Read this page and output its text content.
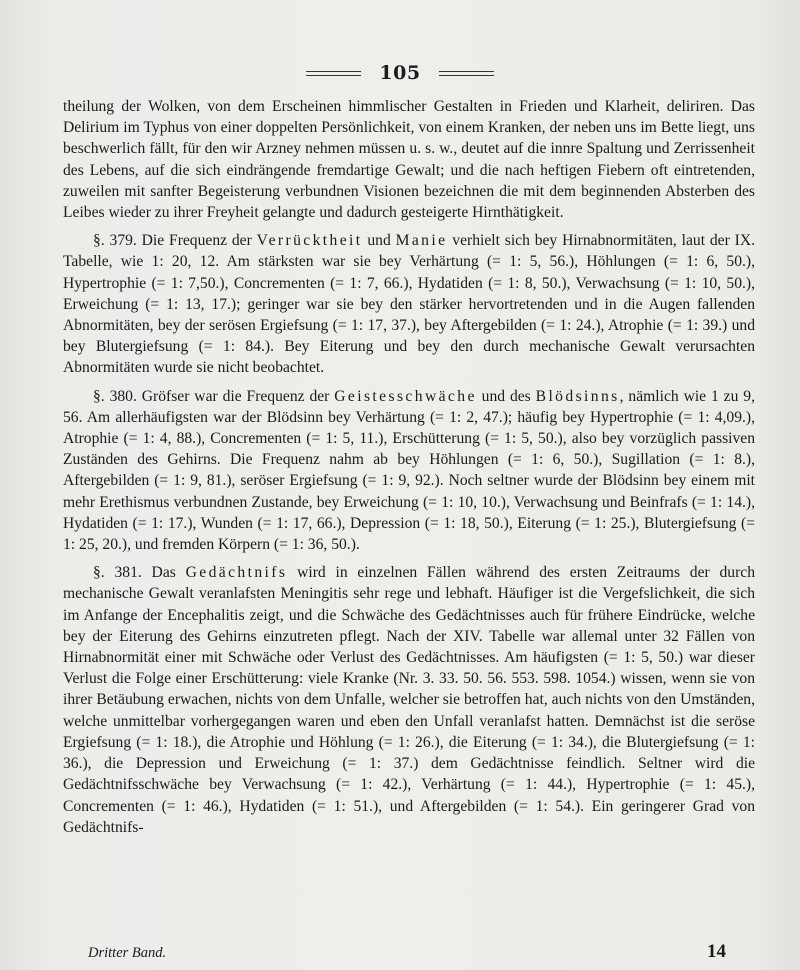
105

theilung der Wolken, von dem Erscheinen himmlischer Gestalten in Frieden und Klarheit, deliriren. Das Delirium im Typhus von einer doppelten Persönlichkeit, von einem Kranken, der neben uns im Bette liegt, uns beschwerlich fällt, für den wir Arzney nehmen müssen u. s. w., deutet auf die innre Spaltung und Zerrissenheit des Lebens, auf die sich eindrängende fremdartige Gewalt; und die nach heftigen Fiebern oft eintretenden, zuweilen mit sanfter Begeisterung verbundnen Visionen bezeichnen die mit dem beginnenden Absterben des Leibes wieder zu ihrer Freyheit gelangte und dadurch gesteigerte Hirnthätigkeit.

§. 379. Die Frequenz der Verrücktheit und Manie verhielt sich bey Hirnabnormitäten, laut der IX. Tabelle, wie 1: 20, 12. Am stärksten war sie bey Verhärtung (= 1: 5, 56.), Höhlungen (= 1: 6, 50.), Hypertrophie (= 1: 7,50.), Concrementen (= 1: 7, 66.), Hydatiden (= 1: 8, 50.), Verwachsung (= 1: 10, 50.), Erweichung (= 1: 13, 17.); geringer war sie bey den stärker hervortretenden und in die Augen fallenden Abnormitäten, bey der serösen Ergiefsung (= 1: 17, 37.), bey Aftergebilden (= 1: 24.), Atrophie (= 1: 39.) und bey Blutergiefsung (= 1: 84.). Bey Eiterung und bey den durch mechanische Gewalt verursachten Abnormitäten wurde sie nicht beobachtet.

§. 380. Gröfser war die Frequenz der Geistesschwäche und des Blödsinns, nämlich wie 1 zu 9, 56. Am allerhäufigsten war der Blödsinn bey Verhärtung (= 1: 2, 47.); häufig bey Hypertrophie (= 1: 4,09.), Atrophie (= 1: 4, 88.), Concrementen (= 1: 5, 11.), Erschütterung (= 1: 5, 50.), also bey vorzüglich passiven Zuständen des Gehirns. Die Frequenz nahm ab bey Höhlungen (= 1: 6, 50.), Sugillation (= 1: 8.), Aftergebilden (= 1: 9, 81.), seröser Ergiefsung (= 1: 9, 92.). Noch seltner wurde der Blödsinn bey einem mit mehr Erethismus verbundnen Zustande, bey Erweichung (= 1: 10, 10.), Verwachsung und Beinfrafs (= 1: 14.), Hydatiden (= 1: 17.), Wunden (= 1: 17, 66.), Depression (= 1: 18, 50.), Eiterung (= 1: 25.), Blutergiefsung (= 1: 25, 20.), und fremden Körpern (= 1: 36, 50.).

§. 381. Das Gedächtnifs wird in einzelnen Fällen während des ersten Zeitraums der durch mechanische Gewalt veranlafsten Meningitis sehr rege und lebhaft. Häufiger ist die Vergefslichkeit, die sich im Anfange der Encephalitis zeigt, und die Schwäche des Gedächtnisses auch für frühere Eindrücke, welche bey der Eiterung des Gehirns einzutreten pflegt. Nach der XIV. Tabelle war allemal unter 32 Fällen von Hirnabnormität einer mit Schwäche oder Verlust des Gedächtnisses. Am häufigsten (= 1: 5, 50.) war dieser Verlust die Folge einer Erschütterung: viele Kranke (Nr. 3. 33. 50. 56. 553. 598. 1054.) wissen, wenn sie von ihrer Betäubung erwachen, nichts von dem Unfalle, welcher sie betroffen hat, auch nichts von den Umständen, welche unmittelbar vorhergegangen waren und eben den Unfall veranlafst hatten. Demnächst ist die seröse Ergiefsung (= 1: 18.), die Atrophie und Höhlung (= 1: 26.), die Eiterung (= 1: 34.), die Blutergiefsung (= 1: 36.), die Depression und Erweichung (= 1: 37.) dem Gedächtnisse feindlich. Seltner wird die Gedächtnifsschwäche bey Verwachsung (= 1: 42.), Verhärtung (= 1: 44.), Hypertrophie (= 1: 45.), Concrementen (= 1: 46.), Hydatiden (= 1: 51.), und Aftergebilden (= 1: 54.). Ein geringerer Grad von Gedächtnifs-

Dritter Band.	14
